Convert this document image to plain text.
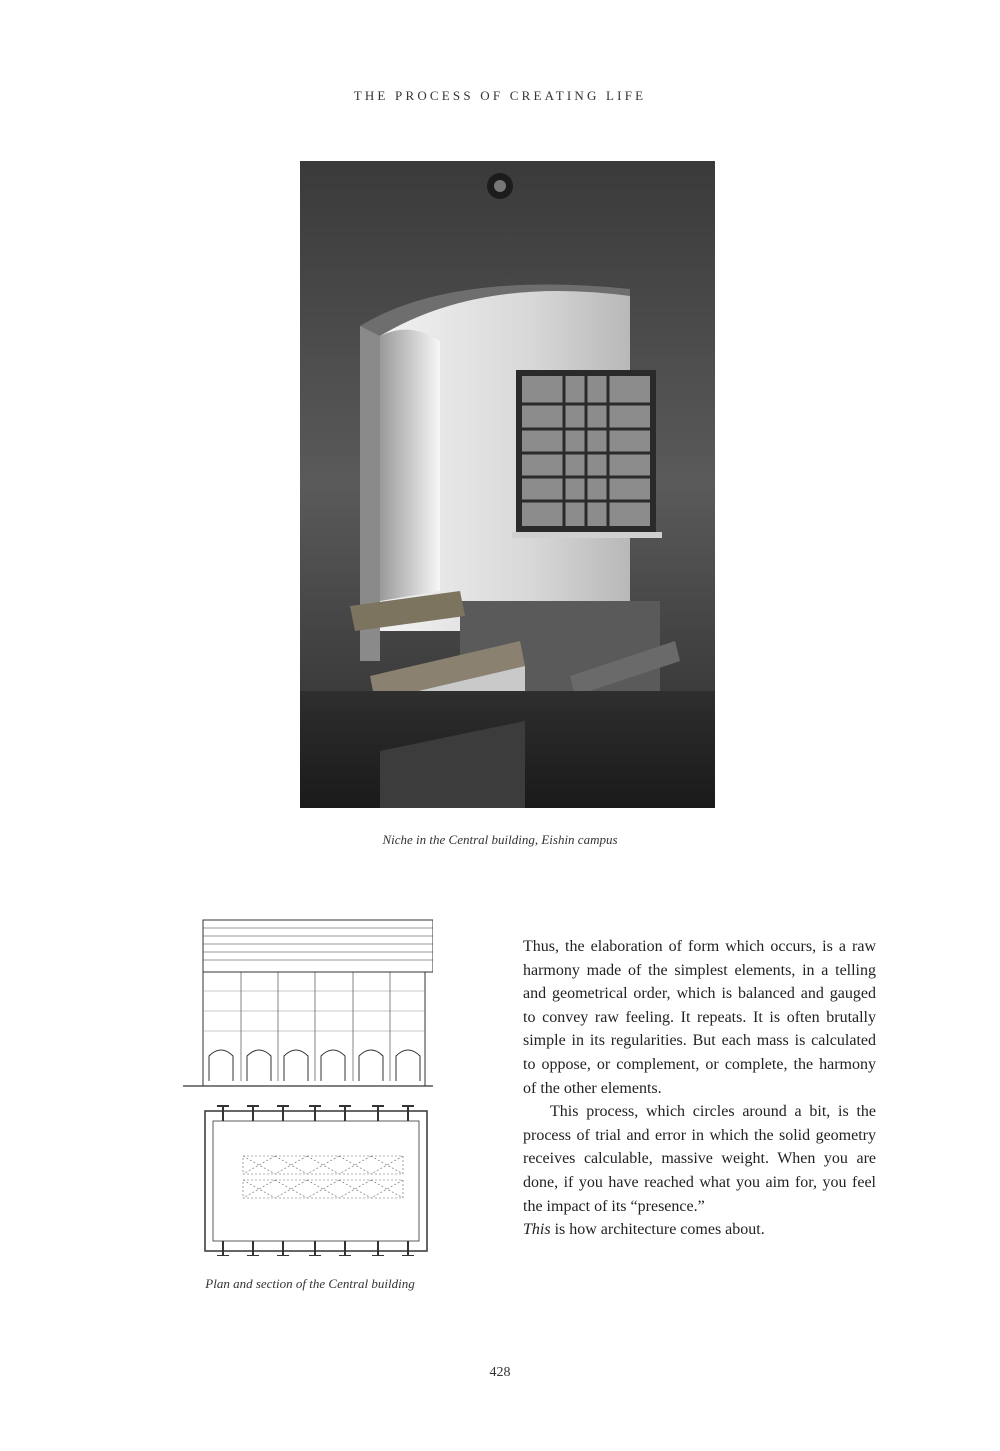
THE PROCESS OF CREATING LIFE
Niche in the Central building, Eishin campus
Plan and section of the Central building

Thus, the elaboration of form which occurs, is a raw harmony made of the simplest elements, in a telling and geometrical order, which is balanced and gauged to convey raw feeling. It repeats. It is often brutally simple in its regularities. But each mass is calculated to oppose, or complement, or complete, the harmony of the other elements.

This process, which circles around a bit, is the process of trial and error in which the solid geometry receives calculable, massive weight. When you are done, if you have reached what you aim for, you feel the impact of its “presence.”

This is how architecture comes about.

428
